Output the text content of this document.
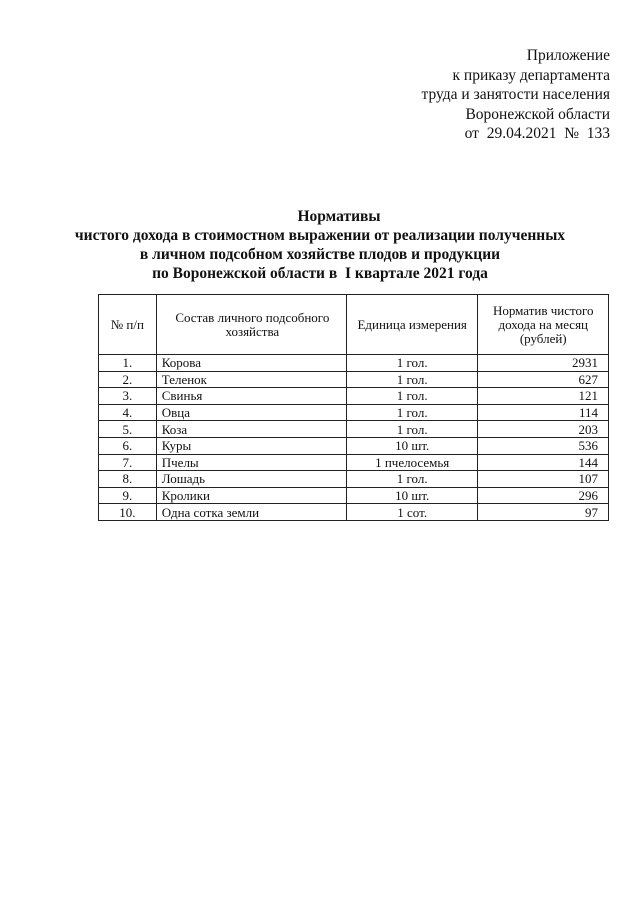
Приложение
к приказу департамента
труда и занятости населения
Воронежской области
от  29.04.2021  №  133
Нормативы
чистого дохода в стоимостном выражении от реализации полученных
в личном подсобном хозяйстве плодов и продукции
по Воронежской области в  I квартале 2021 года
№ п/п	Состав личного подсобного хозяйства	Единица измерения	Норматив чистого дохода на месяц (рублей)
1.	Корова	1 гол.	2931
2.	Теленок	1 гол.	627
3.	Свинья	1 гол.	121
4.	Овца	1 гол.	114
5.	Коза	1 гол.	203
6.	Куры	10 шт.	536
7.	Пчелы	1 пчелосемья	144
8.	Лошадь	1 гол.	107
9.	Кролики	10 шт.	296
10.	Одна сотка земли	1 сот.	97
